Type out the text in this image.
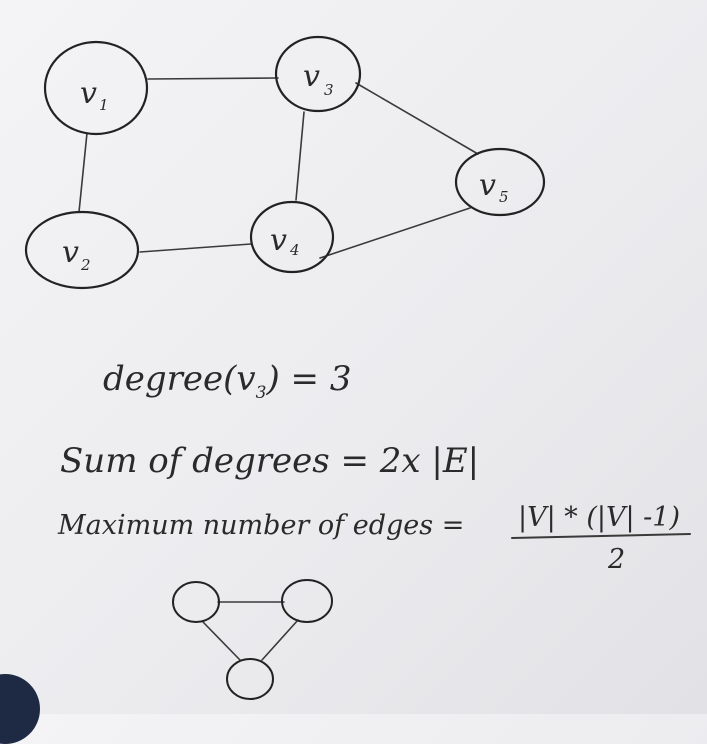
v 1
v 2
v 3
v 4
v 5
$degree(v_3) = 3$
Sum of degrees = 2x |E|
Maximum number of edges = |V| * (|V| -1)
2
